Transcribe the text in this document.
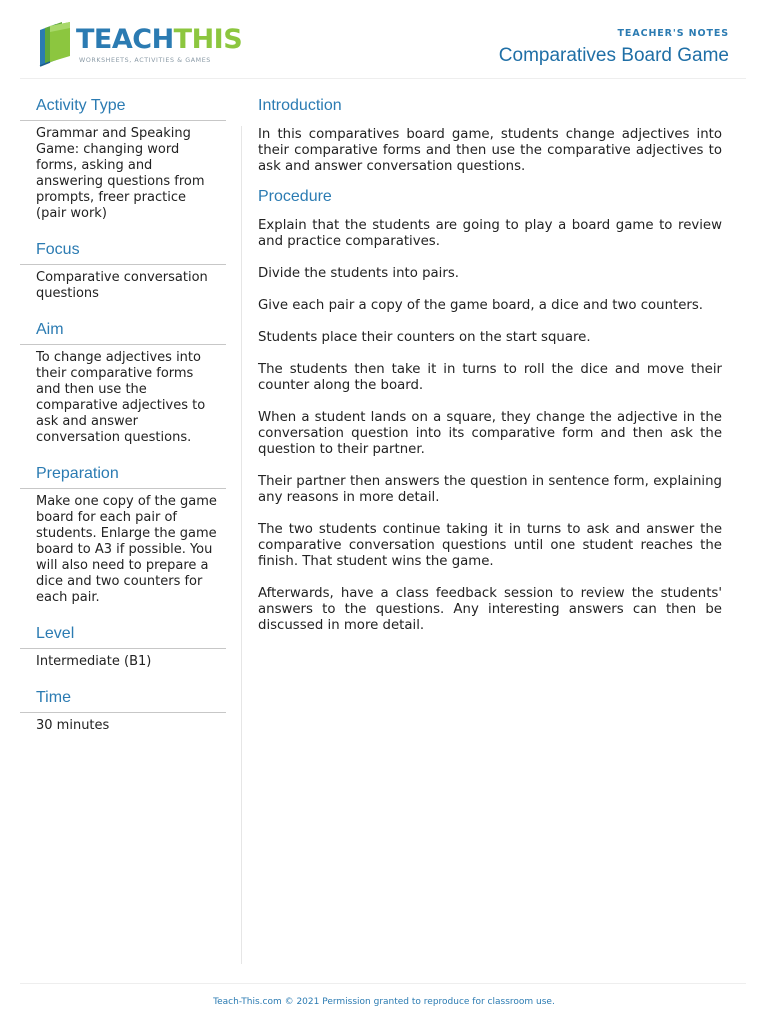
TEACHTHIS
WORKSHEETS, ACTIVITIES & GAMES
TEACHER'S NOTES
Comparatives Board Game
Activity Type
Grammar and Speaking Game: changing word forms, asking and answering questions from prompts, freer practice (pair work)
Focus
Comparative conversation questions
Aim
To change adjectives into their comparative forms and then use the comparative adjectives to ask and answer conversation questions.
Preparation
Make one copy of the game board for each pair of students. Enlarge the game board to A3 if possible. You will also need to prepare a dice and two counters for each pair.
Level
Intermediate (B1)
Time
30 minutes
Introduction

In this comparatives board game, students change adjectives into their comparative forms and then use the comparative adjectives to ask and answer conversation questions.

Procedure

Explain that the students are going to play a board game to review and practice comparatives.

Divide the students into pairs.

Give each pair a copy of the game board, a dice and two counters.

Students place their counters on the start square.

The students then take it in turns to roll the dice and move their counter along the board.

When a student lands on a square, they change the adjective in the conversation question into its comparative form and then ask the question to their partner.

Their partner then answers the question in sentence form, explaining any reasons in more detail.

The two students continue taking it in turns to ask and answer the comparative conversation questions until one student reaches the finish. That student wins the game.

Afterwards, have a class feedback session to review the students' answers to the questions. Any interesting answers can then be discussed in more detail.

Teach-This.com © 2021 Permission granted to reproduce for classroom use.
